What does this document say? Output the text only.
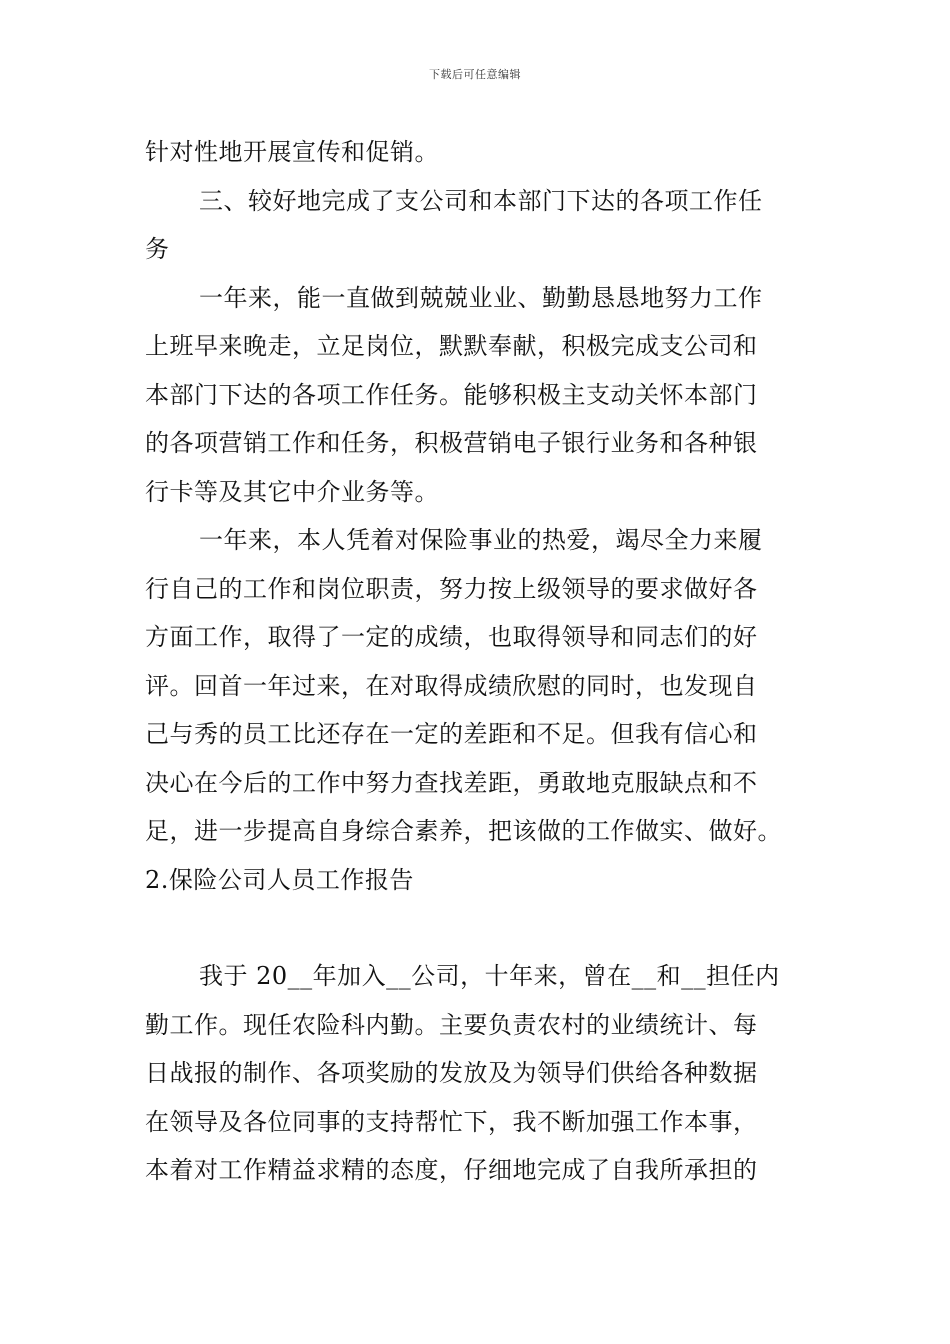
下载后可任意编辑
针对性地开展宣传和促销。
三、较好地完成了支公司和本部门下达的各项工作任
务
一年来，能一直做到兢兢业业、勤勤恳恳地努力工作
上班早来晚走，立足岗位，默默奉献，积极完成支公司和
本部门下达的各项工作任务。能够积极主支动关怀本部门
的各项营销工作和任务，积极营销电子银行业务和各种银
行卡等及其它中介业务等。
一年来，本人凭着对保险事业的热爱，竭尽全力来履
行自己的工作和岗位职责，努力按上级领导的要求做好各
方面工作，取得了一定的成绩，也取得领导和同志们的好
评。回首一年过来，在对取得成绩欣慰的同时，也发现自
己与秀的员工比还存在一定的差距和不足。但我有信心和
决心在今后的工作中努力查找差距，勇敢地克服缺点和不
足，进一步提高自身综合素养，把该做的工作做实、做好。
2.保险公司人员工作报告
我于 20__年加入__公司，十年来，曾在__和__担任内
勤工作。现任农险科内勤。主要负责农村的业绩统计、每
日战报的制作、各项奖励的发放及为领导们供给各种数据
在领导及各位同事的支持帮忙下，我不断加强工作本事，
本着对工作精益求精的态度，仔细地完成了自我所承担的
